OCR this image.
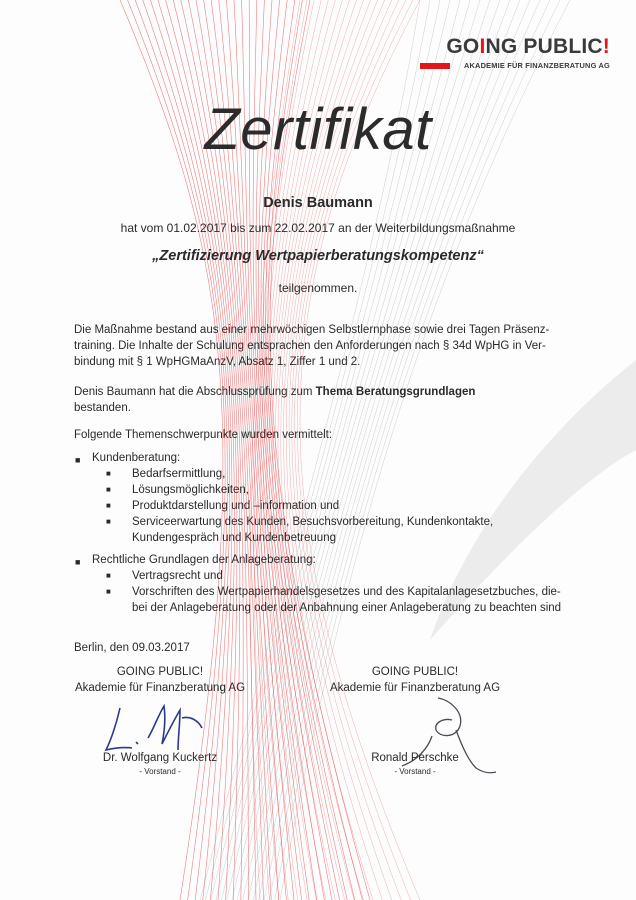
GOING PUBLIC!
AKADEMIE FÜR FINANZBERATUNG AG
Zertifikat
Denis Baumann
hat vom 01.02.2017 bis zum 22.02.2017 an der Weiterbildungsmaßnahme
„Zertifizierung Wertpapierberatungskompetenz“
teilgenommen.
Die Maßnahme bestand aus einer mehrwöchigen Selbstlernphase sowie drei Tagen Präsenz-
training. Die Inhalte der Schulung entsprachen den Anforderungen nach § 34d WpHG in Ver-
bindung mit § 1 WpHGMaAnzV, Absatz 1, Ziffer 1 und 2.
Denis Baumann hat die Abschlussprüfung zum Thema Beratungsgrundlagen
bestanden.
Folgende Themenschwerpunkte wurden vermittelt:
■ Kundenberatung:
■ Bedarfsermittlung,
■ Lösungsmöglichkeiten,
■ Produktdarstellung und –information und
■ Serviceerwartung des Kunden, Besuchsvorbereitung, Kundenkontakte,
Kundengespräch und Kundenbetreuung
■ Rechtliche Grundlagen der Anlageberatung:
■ Vertragsrecht und
■ Vorschriften des Wertpapierhandelsgesetzes und des Kapitalanlagesetzbuches, die-
bei der Anlageberatung oder der Anbahnung einer Anlageberatung zu beachten sind
Berlin, den 09.03.2017
GOING PUBLIC!
Akademie für Finanzberatung AG
GOING PUBLIC!
Akademie für Finanzberatung AG
Dr. Wolfgang Kuckertz
- Vorstand -
Ronald Perschke
- Vorstand -
